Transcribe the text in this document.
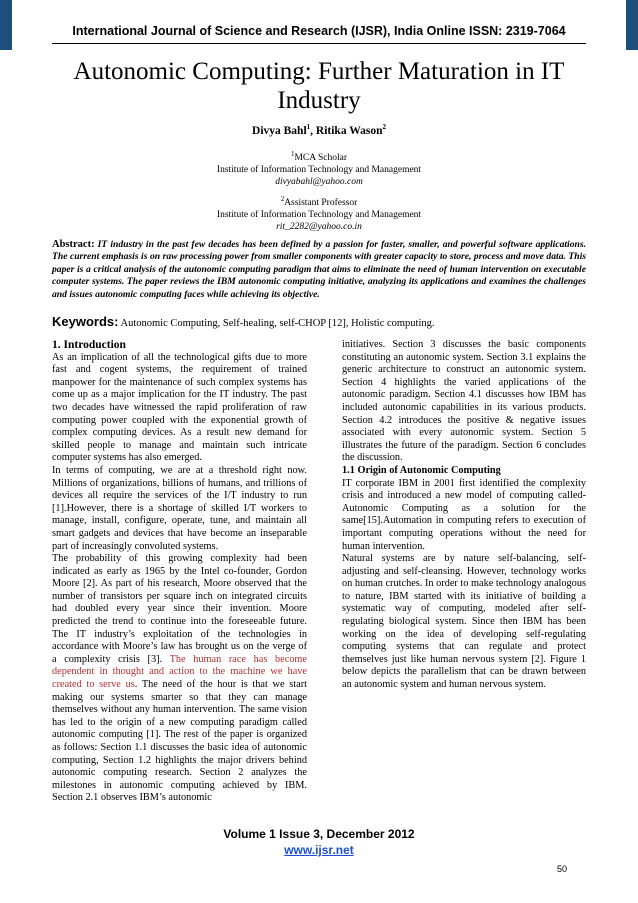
International Journal of Science and Research (IJSR), India Online ISSN: 2319-7064
Autonomic Computing: Further Maturation in IT Industry
Divya Bahl$^1$, Ritika Wason$^2$
$^1$MCA Scholar
Institute of Information Technology and Management
divyabahl@yahoo.com
$^2$Assistant Professor
Institute of Information Technology and Management
rit_2282@yahoo.co.in
Abstract: IT industry in the past few decades has been defined by a passion for faster, smaller, and powerful software applications. The current emphasis is on raw processing power from smaller components with greater capacity to store, process and move data. This paper is a critical analysis of the autonomic computing paradigm that aims to eliminate the need of human intervention on executable computer systems. The paper reviews the IBM autonomic computing initiative, analyzing its applications and examines the challenges and issues autonomic computing faces while achieving its objective.
Keywords: Autonomic Computing, Self-healing, self-CHOP [12], Holistic computing.

1. Introduction

As an implication of all the technological gifts due to more fast and cogent systems, the requirement of trained manpower for the maintenance of such complex systems has come up as a major implication for the IT industry. The past two decades have witnessed the rapid proliferation of raw computing power coupled with the exponential growth of complex computing devices. As a result new demand for skilled people to manage and maintain such intricate computer systems has also emerged.

In terms of computing, we are at a threshold right now. Millions of organizations, billions of humans, and trillions of devices all require the services of the I/T industry to run [1].However, there is a shortage of skilled I/T workers to manage, install, configure, operate, tune, and maintain all smart gadgets and devices that have become an inseparable part of increasingly convoluted systems.

The probability of this growing complexity had been indicated as early as 1965 by the Intel co-founder, Gordon Moore [2]. As part of his research, Moore observed that the number of transistors per square inch on integrated circuits had doubled every year since their invention. Moore predicted the trend to continue into the foreseeable future. The IT industry’s exploitation of the technologies in accordance with Moore’s law has brought us on the verge of a complexity crisis [3]. The human race has become dependent in thought and action to the machine we have created to serve us. The need of the hour is that we start making our systems smarter so that they can manage themselves without any human intervention. The same vision has led to the origin of a new computing paradigm called autonomic computing [1]. The rest of the paper is organized as follows: Section 1.1 discusses the basic idea of autonomic computing, Section 1.2 highlights the major drivers behind autonomic computing research. Section 2 analyzes the milestones in autonomic computing achieved by IBM. Section 2.1 observes IBM’s autonomic

initiatives. Section 3 discusses the basic components constituting an autonomic system. Section 3.1 explains the generic architecture to construct an autonomic system. Section 4 highlights the varied applications of the autonomic paradigm. Section 4.1 discusses how IBM has included autonomic capabilities in its various products. Section 4.2 introduces the positive & negative issues associated with every autonomic system. Section 5 illustrates the future of the paradigm. Section 6 concludes the discussion.

1.1 Origin of Autonomic Computing

IT corporate IBM in 2001 first identified the complexity crisis and introduced a new model of computing called- Autonomic Computing as a solution for the same[15].Automation in computing refers to execution of important computing operations without the need for human intervention.

Natural systems are by nature self-balancing, self-adjusting and self-cleansing. However, technology works on human crutches. In order to make technology analogous to nature, IBM started with its initiative of building a systematic way of computing, modeled after self-regulating biological system. Since then IBM has been working on the idea of developing self-regulating computing systems that can regulate and protect themselves just like human nervous system [2]. Figure 1 below depicts the parallelism that can be drawn between an autonomic system and human nervous system.

Volume 1 Issue 3, December 2012
www.ijsr.net
50
